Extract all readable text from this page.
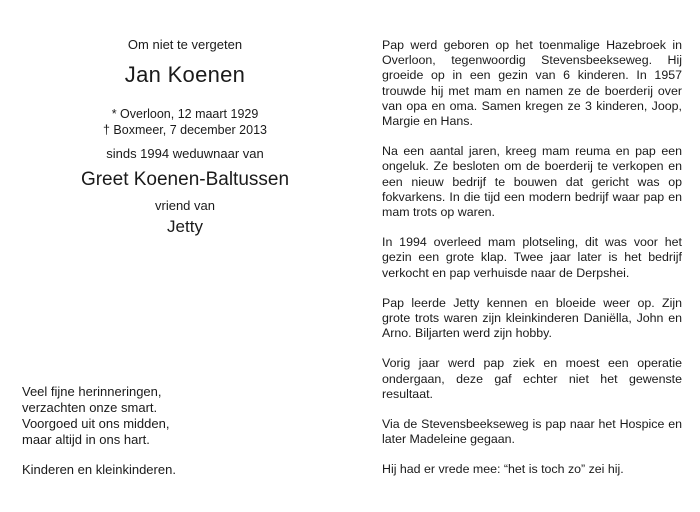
Om niet te vergeten
Jan Koenen
* Overloon, 12 maart 1929
† Boxmeer, 7 december 2013
sinds 1994 weduwnaar van
Greet Koenen-Baltussen
vriend van
Jetty
Veel fijne herinneringen,
verzachten onze smart.
Voorgoed uit ons midden,
maar altijd in ons hart.
Kinderen en kleinkinderen.

Pap werd geboren op het toenmalige Hazebroek in Overloon, tegenwoordig Stevensbeekseweg. Hij groeide op in een gezin van 6 kinderen. In 1957 trouwde hij met mam en namen ze de boerderij over van opa en oma. Samen kregen ze 3 kinderen, Joop, Margie en Hans.

Na een aantal jaren, kreeg mam reuma en pap een ongeluk. Ze besloten om de boerderij te verkopen en een nieuw bedrijf te bouwen dat gericht was op fokvarkens. In die tijd een modern bedrijf waar pap en mam trots op waren.

In 1994 overleed mam plotseling, dit was voor het gezin een grote klap. Twee jaar later is het bedrijf verkocht en pap verhuisde naar de Derpshei.

Pap leerde Jetty kennen en bloeide weer op. Zijn grote trots waren zijn kleinkinderen Daniëlla, John en Arno. Biljarten werd zijn hobby.

Vorig jaar werd pap ziek en moest een operatie ondergaan, deze gaf echter niet het gewenste resultaat.

Via de Stevensbeekseweg is pap naar het Hospice en later Madeleine gegaan.

Hij had er vrede mee: “het is toch zo” zei hij.
